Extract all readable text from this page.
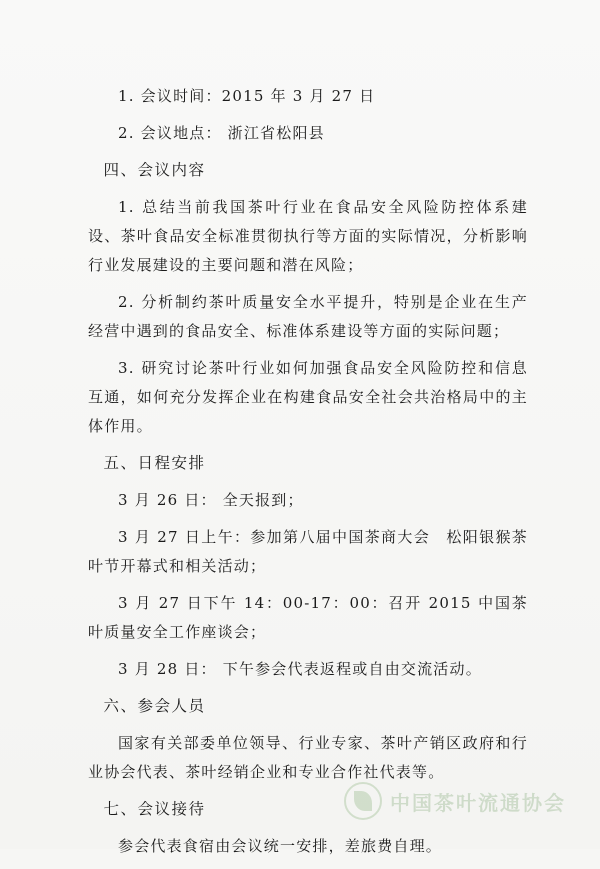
1. 会议时间：2015 年 3 月 27 日

2. 会议地点： 浙江省松阳县

四、会议内容

1. 总结当前我国茶叶行业在食品安全风险防控体系建设、茶叶食品安全标准贯彻执行等方面的实际情况，分析影响行业发展建设的主要问题和潜在风险；

2. 分析制约茶叶质量安全水平提升，特别是企业在生产经营中遇到的食品安全、标准体系建设等方面的实际问题；

3. 研究讨论茶叶行业如何加强食品安全风险防控和信息互通，如何充分发挥企业在构建食品安全社会共治格局中的主体作用。

五、日程安排

3 月 26 日： 全天报到；

3 月 27 日上午：参加第八届中国茶商大会　松阳银猴茶叶节开幕式和相关活动；

3 月 27 日下午 14：00-17：00：召开 2015 中国茶叶质量安全工作座谈会；

3 月 28 日： 下午参会代表返程或自由交流活动。

六、参会人员

国家有关部委单位领导、行业专家、茶叶产销区政府和行业协会代表、茶叶经销企业和专业合作社代表等。

七、会议接待

参会代表食宿由会议统一安排，差旅费自理。

中国茶叶流通协会
